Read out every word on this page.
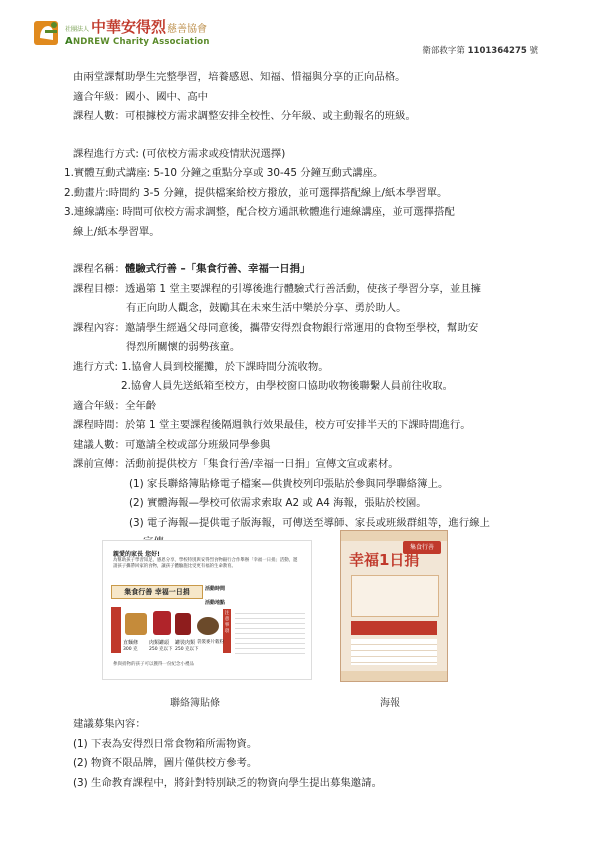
社團法人 中華安得烈 慈善協會
ANDREW Charity Association
衛部救字第 1101364275 號
由兩堂課幫助學生完整學習，培養感恩、知福、惜福與分享的正向品格。
適合年級：國小、國中、高中
課程人數：可根據校方需求調整安排全校性、分年級、或主動報名的班級。
課程進行方式: (可依校方需求或疫情狀況選擇)
1.實體互動式講座: 5-10 分鐘之重點分享或 30-45 分鐘互動式講座。
2.動畫片:時間約 3-5 分鐘，提供檔案給校方撥放，並可選擇搭配線上/紙本學習單。
3.連線講座: 時間可依校方需求調整，配合校方通訊軟體進行連線講座，並可選擇搭配
線上/紙本學習單。
課程名稱：體驗式行善 –「集食行善、幸福一日捐」
課程目標：透過第 1 堂主要課程的引導後進行體驗式行善活動，使孩子學習分享，並且擁
有正向助人觀念，鼓勵其在未來生活中樂於分享、勇於助人。
課程內容：邀請學生經過父母同意後，攜帶安得烈食物銀行常運用的食物至學校，幫助安
得烈所關懷的弱勢孩童。
進行方式: 1.協會人員到校擺攤，於下課時間分流收物。
2.協會人員先送紙箱至校方，由學校窗口協助收物後聯繫人員前往收取。
適合年級：全年齡
課程時間：於第 1 堂主要課程後隔週執行效果最佳，校方可安排半天的下課時間進行。
建議人數：可邀請全校或部分班級同學參與
課前宣傳：活動前提供校方「集食行善/幸福一日捐」宣傳文宣或素材。
(1) 家長聯絡簿貼條電子檔案—供貴校列印張貼於參與同學聯絡簿上。
(2) 實體海報—學校可依需求索取 A2 或 A4 海報，張貼於校園。
(3) 電子海報—提供電子版海報，可傳送至導師、家長或班級群組等，進行線上
親愛的家長 您好!
為幫助孩子學習知足、感恩分享，學校特別與安得烈食物銀行合作舉辦「幸福一日捐」活動，邀請孩子攜帶回家的食物，讓孩子體驗施比受更有福的生命教育。
集食行善 幸福一日捐	活動時間
活動地點
注意事項
直麵條 肉類罐頭 罐裝肉類 袋裝麥片穀粉
300 克	250 克以下 250 克以下
參與捐物的孩子可以獲得一份紀念小禮品
集食行善
幸福1日捐
聯絡簿貼條	海報
建議募集內容：
(1) 下表為安得烈日常食物箱所需物資。
(2) 物資不限品牌，圖片僅供校方參考。
(3) 生命教育課程中，將針對特別缺乏的物資向學生提出募集邀請。
